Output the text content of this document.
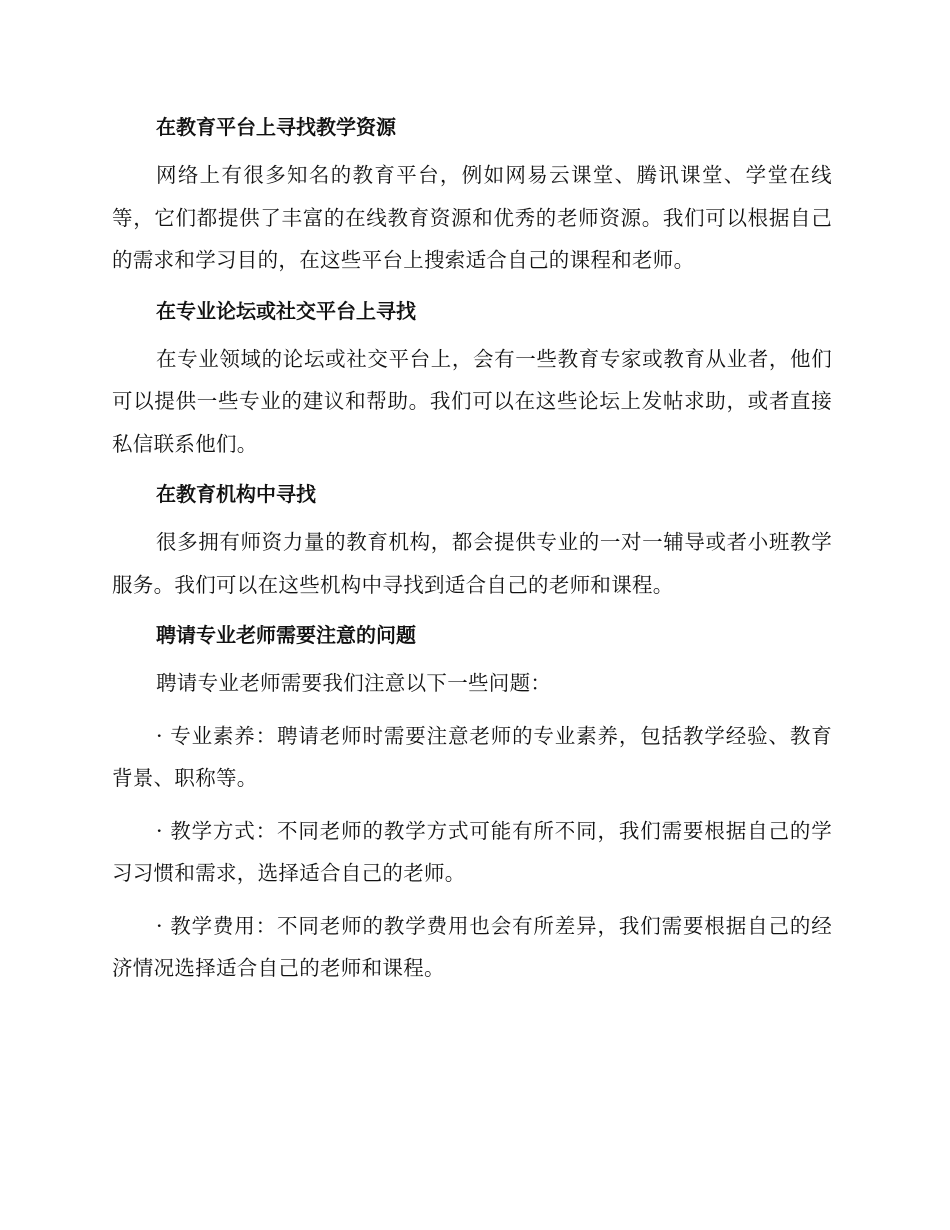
在教育平台上寻找教学资源

网络上有很多知名的教育平台，例如网易云课堂、腾讯课堂、学堂在线等，它们都提供了丰富的在线教育资源和优秀的老师资源。我们可以根据自己的需求和学习目的，在这些平台上搜索适合自己的课程和老师。

在专业论坛或社交平台上寻找

在专业领域的论坛或社交平台上，会有一些教育专家或教育从业者，他们可以提供一些专业的建议和帮助。我们可以在这些论坛上发帖求助，或者直接私信联系他们。

在教育机构中寻找

很多拥有师资力量的教育机构，都会提供专业的一对一辅导或者小班教学服务。我们可以在这些机构中寻找到适合自己的老师和课程。

聘请专业老师需要注意的问题

聘请专业老师需要我们注意以下一些问题：

· 专业素养：聘请老师时需要注意老师的专业素养，包括教学经验、教育背景、职称等。

· 教学方式：不同老师的教学方式可能有所不同，我们需要根据自己的学习习惯和需求，选择适合自己的老师。

· 教学费用：不同老师的教学费用也会有所差异，我们需要根据自己的经济情况选择适合自己的老师和课程。
